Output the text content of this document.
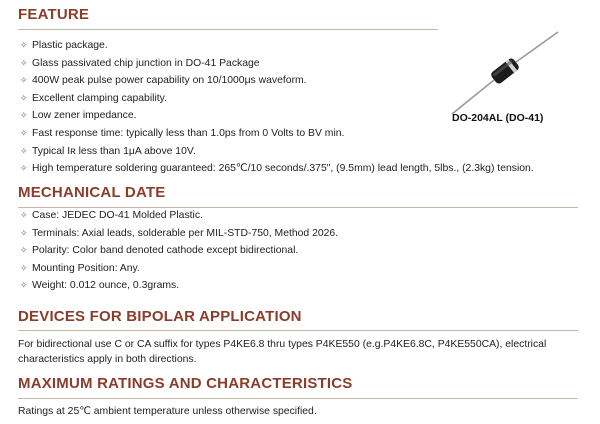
FEATURE
✧ Plastic package.
✧ Glass passivated chip junction in DO-41 Package
✧ 400W peak pulse power capability on 10/1000μs waveform.
✧ Excellent clamping capability.
✧ Low zener impedance.
✧ Fast response time: typically less than 1.0ps from 0 Volts to BV min.
✧ Typical Iʀ less than 1μA above 10V.
✧ High temperature soldering guaranteed: 265℃/10 seconds/.375", (9.5mm) lead length, 5lbs., (2.3kg) tension.
DO-204AL (DO-41)
MECHANICAL DATE
✧ Case: JEDEC DO-41 Molded Plastic.
✧ Terminals: Axial leads, solderable per MIL-STD-750, Method 2026.
✧ Polarity: Color band denoted cathode except bidirectional.
✧ Mounting Position: Any.
✧ Weight: 0.012 ounce, 0.3grams.
DEVICES FOR BIPOLAR APPLICATION

For bidirectional use C or CA suffix for types P4KE6.8 thru types P4KE550 (e.g.P4KE6.8C, P4KE550CA), electrical characteristics apply in both directions.

MAXIMUM RATINGS AND CHARACTERISTICS

Ratings at 25℃ ambient temperature unless otherwise specified.
